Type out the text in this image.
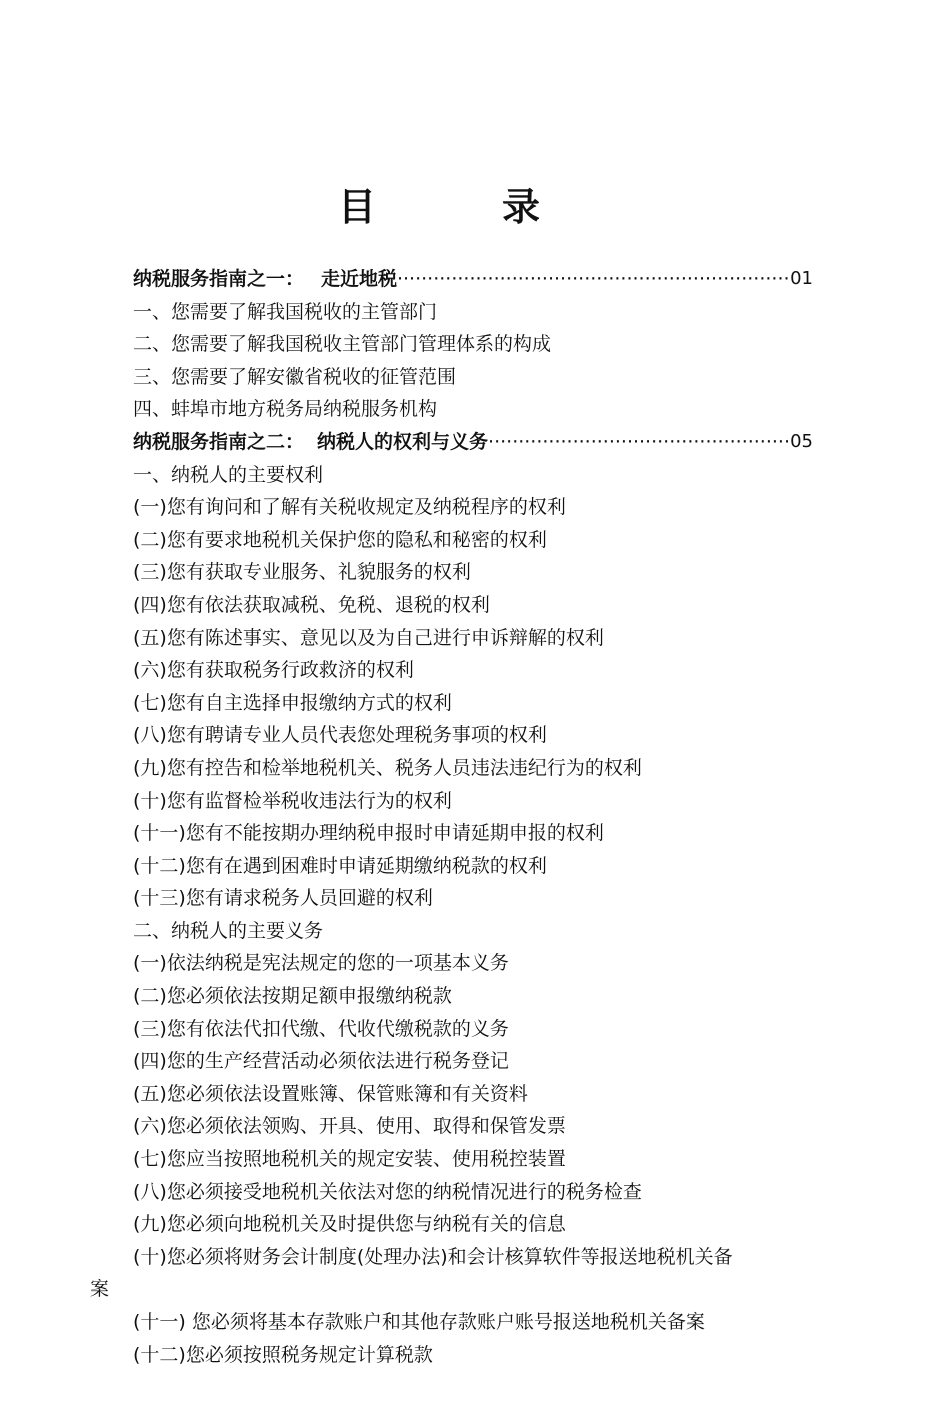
目　录
纳税服务指南之一： 走近地税 ·····	01
一、您需要了解我国税收的主管部门
二、您需要了解我国税收主管部门管理体系的构成
三、您需要了解安徽省税收的征管范围
四、蚌埠市地方税务局纳税服务机构
纳税服务指南之二： 纳税人的权利与义务 ·····	05
一、纳税人的主要权利
(一)您有询问和了解有关税收规定及纳税程序的权利
(二)您有要求地税机关保护您的隐私和秘密的权利
(三)您有获取专业服务、礼貌服务的权利
(四)您有依法获取减税、免税、退税的权利
(五)您有陈述事实、意见以及为自己进行申诉辩解的权利
(六)您有获取税务行政救济的权利
(七)您有自主选择申报缴纳方式的权利
(八)您有聘请专业人员代表您处理税务事项的权利
(九)您有控告和检举地税机关、税务人员违法违纪行为的权利
(十)您有监督检举税收违法行为的权利
(十一)您有不能按期办理纳税申报时申请延期申报的权利
(十二)您有在遇到困难时申请延期缴纳税款的权利
(十三)您有请求税务人员回避的权利
二、纳税人的主要义务
(一)依法纳税是宪法规定的您的一项基本义务
(二)您必须依法按期足额申报缴纳税款
(三)您有依法代扣代缴、代收代缴税款的义务
(四)您的生产经营活动必须依法进行税务登记
(五)您必须依法设置账簿、保管账簿和有关资料
(六)您必须依法领购、开具、使用、取得和保管发票
(七)您应当按照地税机关的规定安装、使用税控装置
(八)您必须接受地税机关依法对您的纳税情况进行的税务检查
(九)您必须向地税机关及时提供您与纳税有关的信息
(十)您必须将财务会计制度(处理办法)和会计核算软件等报送地税机关备
案
(十一) 您必须将基本存款账户和其他存款账户账号报送地税机关备案
(十二)您必须按照税务规定计算税款
